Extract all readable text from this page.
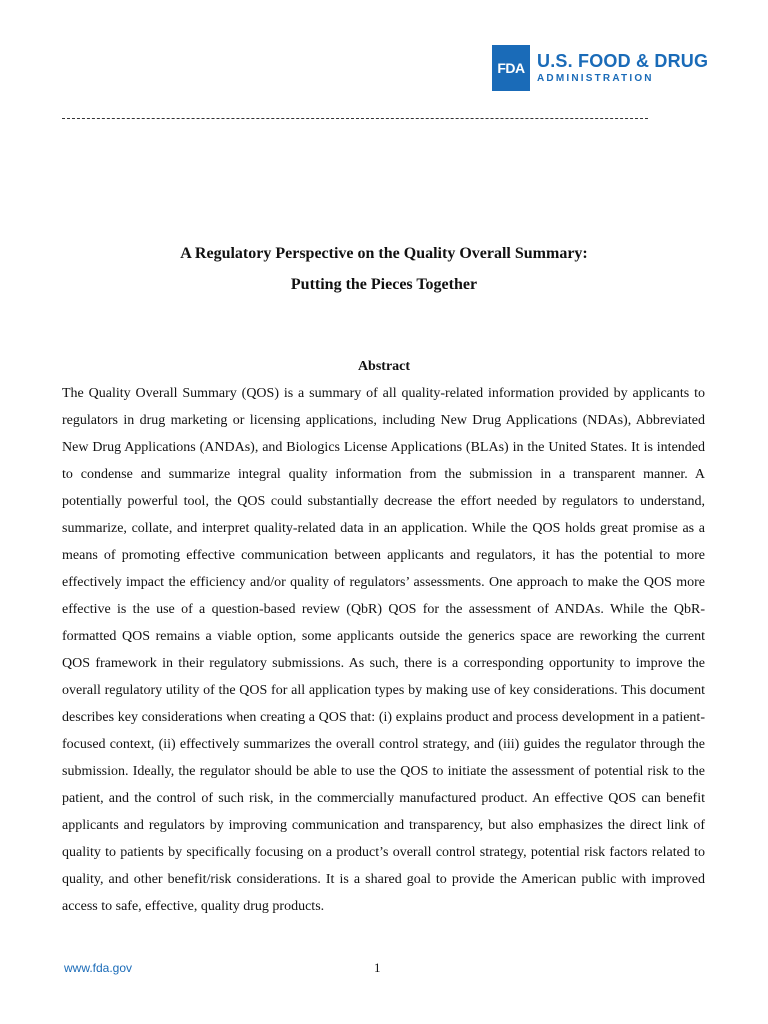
FDA U.S. FOOD & DRUG
ADMINISTRATION
A Regulatory Perspective on the Quality Overall Summary:
Putting the Pieces Together
Abstract

The Quality Overall Summary (QOS) is a summary of all quality-related information provided by applicants to regulators in drug marketing or licensing applications, including New Drug Applications (NDAs), Abbreviated New Drug Applications (ANDAs), and Biologics License Applications (BLAs) in the United States. It is intended to condense and summarize integral quality information from the submission in a transparent manner. A potentially powerful tool, the QOS could substantially decrease the effort needed by regulators to understand, summarize, collate, and interpret quality-related data in an application. While the QOS holds great promise as a means of promoting effective communication between applicants and regulators, it has the potential to more effectively impact the efficiency and/or quality of regulators’ assessments. One approach to make the QOS more effective is the use of a question-based review (QbR) QOS for the assessment of ANDAs. While the QbR-formatted QOS remains a viable option, some applicants outside the generics space are reworking the current QOS framework in their regulatory submissions. As such, there is a corresponding opportunity to improve the overall regulatory utility of the QOS for all application types by making use of key considerations. This document describes key considerations when creating a QOS that: (i) explains product and process development in a patient-focused context, (ii) effectively summarizes the overall control strategy, and (iii) guides the regulator through the submission. Ideally, the regulator should be able to use the QOS to initiate the assessment of potential risk to the patient, and the control of such risk, in the commercially manufactured product. An effective QOS can benefit applicants and regulators by improving communication and transparency, but also emphasizes the direct link of quality to patients by specifically focusing on a product’s overall control strategy, potential risk factors related to quality, and other benefit/risk considerations. It is a shared goal to provide the American public with improved access to safe, effective, quality drug products.

www.fda.gov	1
